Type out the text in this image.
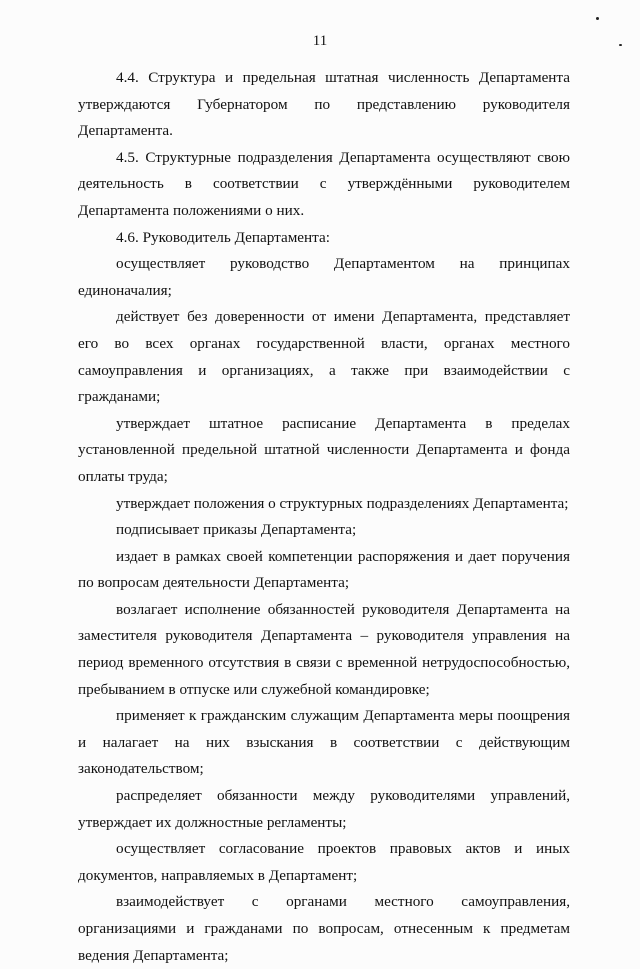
11

4.4. Структура и предельная штатная численность Департамента утверждаются Губернатором по представлению руководителя Департамента.

4.5. Структурные подразделения Департамента осуществляют свою деятельность в соответствии с утверждёнными руководителем Департамента положениями о них.

4.6. Руководитель Департамента:

осуществляет руководство Департаментом на принципах единоначалия;

действует без доверенности от имени Департамента, представляет его во всех органах государственной власти, органах местного самоуправления и организациях, а также при взаимодействии с гражданами;

утверждает штатное расписание Департамента в пределах установленной предельной штатной численности Департамента и фонда оплаты труда;

утверждает положения о структурных подразделениях Департамента;

подписывает приказы Департамента;

издает в рамках своей компетенции распоряжения и дает поручения по вопросам деятельности Департамента;

возлагает исполнение обязанностей руководителя Департамента на заместителя руководителя Департамента – руководителя управления на период временного отсутствия в связи с временной нетрудоспособностью, пребыванием в отпуске или служебной командировке;

применяет к гражданским служащим Департамента меры поощрения и налагает на них взыскания в соответствии с действующим законодательством;

распределяет обязанности между руководителями управлений, утверждает их должностные регламенты;

осуществляет согласование проектов правовых актов и иных документов, направляемых в Департамент;

взаимодействует с органами местного самоуправления, организациями и гражданами по вопросам, отнесенным к предметам ведения Департамента;
